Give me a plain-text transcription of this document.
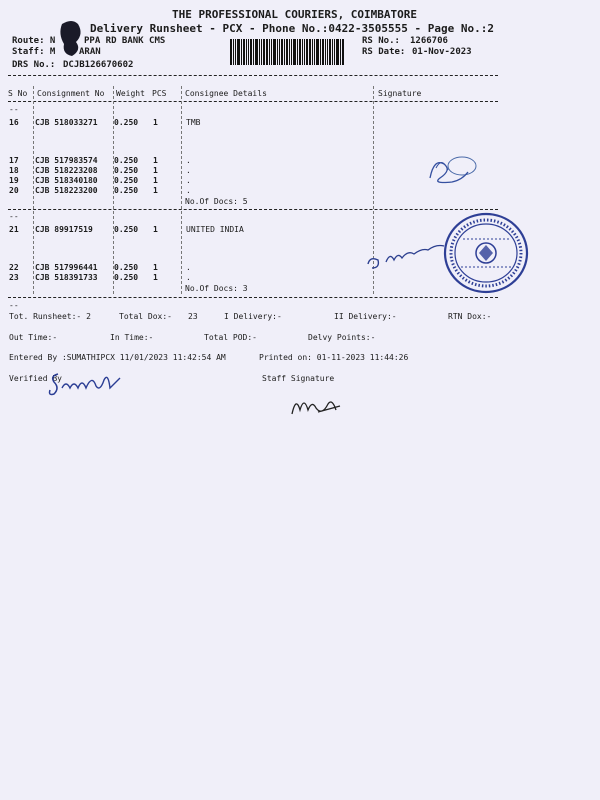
THE PROFESSIONAL COURIERS, COIMBATORE
Delivery Runsheet - PCX - Phone No.:0422-3505555 - Page No.:2
Route: N	PPA RD BANK CMS
Staff: M	ARAN
DRS No.: DCJB126670602
RS No.: 1266706
RS Date: 01-Nov-2023
S No Consignment No Weight PCS Consignee Details	Signature
--
16 CJB 518033271 0.250 1	TMB
17 CJB 517983574 0.250 1	.
18 CJB 518223208 0.250 1	.
19 CJB 518340180 0.250 1	.
20 CJB 518223200 0.250 1	.
21 CJB 89917519	0.250 1	UNITED INDIA
22 CJB 517996441 0.250 1	.
23 CJB 518391733 0.250 1	.
No.Of Docs: 5
--
No.Of Docs: 3
--
Tot. Runsheet:- 2	Total Dox:- 23	I Delivery:-	II Delivery:-	RTN Dox:-
Out Time:-	In Time:-	Total POD:-	Delvy Points:-
Entered By :SUMATHIPCX 11/01/2023 11:42:54 AM	Printed on: 01-11-2023 11:44:26
Verified By	Staff Signature
